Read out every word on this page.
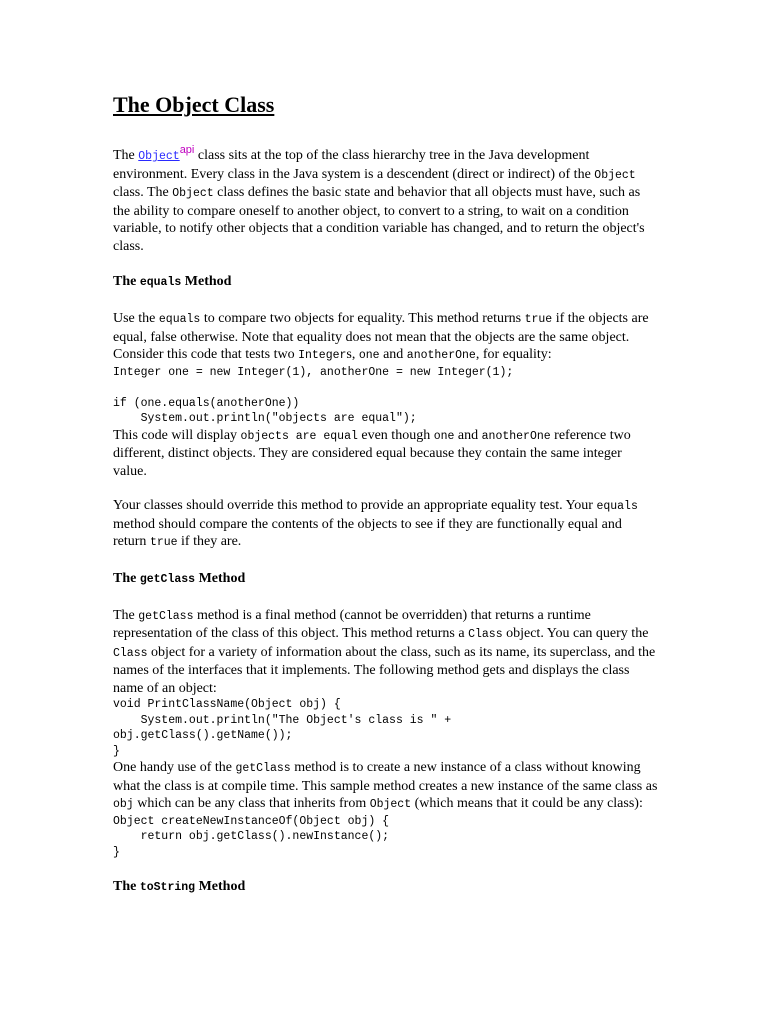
The Object Class

The Object$^{api}$ class sits at the top of the class hierarchy tree in the Java development environment. Every class in the Java system is a descendent (direct or indirect) of the Object class. The Object class defines the basic state and behavior that all objects must have, such as the ability to compare oneself to another object, to convert to a string, to wait on a condition variable, to notify other objects that a condition variable has changed, and to return the object's class.

The equals Method

Use the equals to compare two objects for equality. This method returns true if the objects are equal, false otherwise. Note that equality does not mean that the objects are the same object. Consider this code that tests two Integers, one and anotherOne, for equality:

Integer one = new Integer(1), anotherOne = new Integer(1);

if (one.equals(anotherOne))
System.out.println("objects are equal");

This code will display objects are equal even though one and anotherOne reference two different, distinct objects. They are considered equal because they contain the same integer value.

Your classes should override this method to provide an appropriate equality test. Your equals method should compare the contents of the objects to see if they are functionally equal and return true if they are.

The getClass Method

The getClass method is a final method (cannot be overridden) that returns a runtime representation of the class of this object. This method returns a Class object. You can query the Class object for a variety of information about the class, such as its name, its superclass, and the names of the interfaces that it implements. The following method gets and displays the class name of an object:

void PrintClassName(Object obj) {
System.out.println("The Object's class is " +
obj.getClass().getName());
}

One handy use of the getClass method is to create a new instance of a class without knowing what the class is at compile time. This sample method creates a new instance of the same class as obj which can be any class that inherits from Object (which means that it could be any class):

Object createNewInstanceOf(Object obj) {
return obj.getClass().newInstance();
}
The toString Method
